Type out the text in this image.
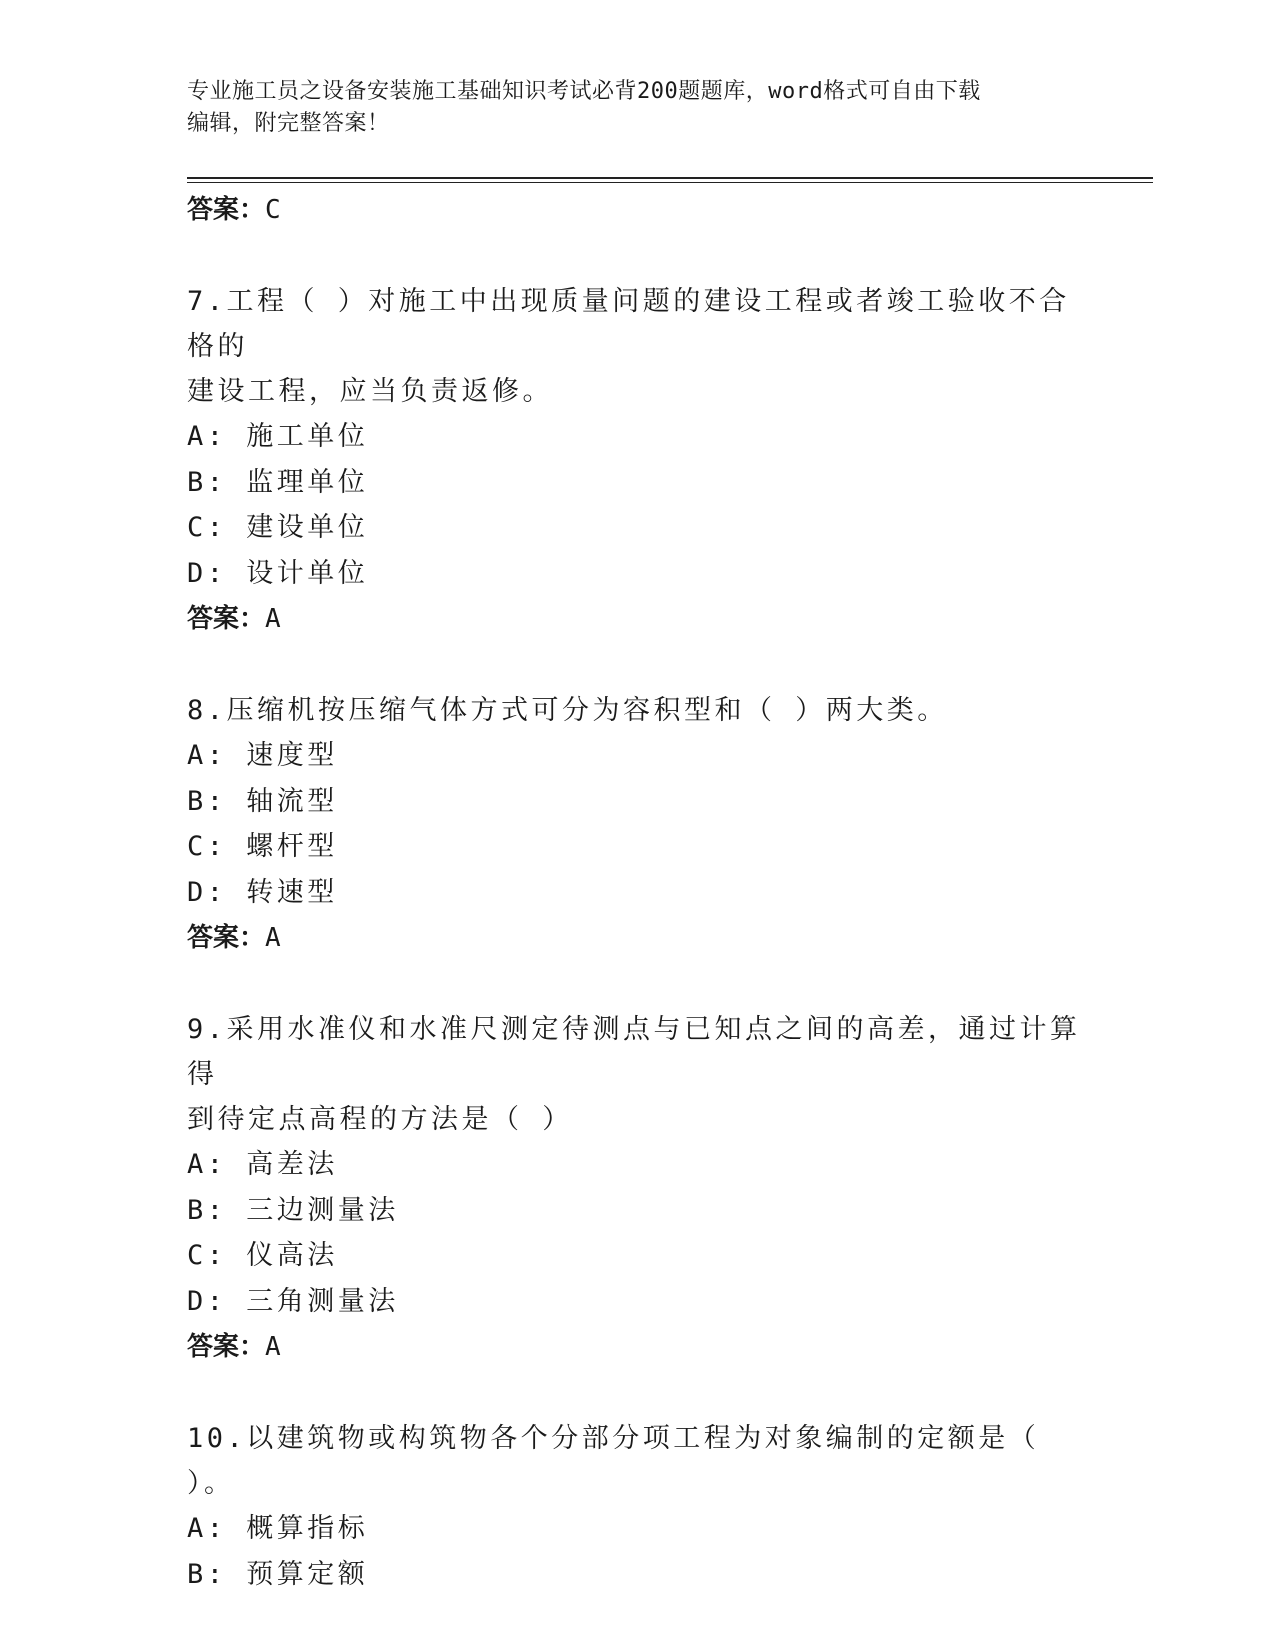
专业施工员之设备安装施工基础知识考试必背200题题库，word格式可自由下载
编辑，附完整答案！
答案：C
7.工程（ ）对施工中出现质量问题的建设工程或者竣工验收不合格的
建设工程，应当负责返修。
A: 施工单位
B: 监理单位
C: 建设单位
D: 设计单位
答案：A
8.压缩机按压缩气体方式可分为容积型和（ ）两大类。
A: 速度型
B: 轴流型
C: 螺杆型
D: 转速型
答案：A
9.采用水准仪和水准尺测定待测点与已知点之间的高差，通过计算得
到待定点高程的方法是（ ）
A: 高差法
B: 三边测量法
C: 仪高法
D: 三角测量法
答案：A
10.以建筑物或构筑物各个分部分项工程为对象编制的定额是（ ）。
A: 概算指标
B: 预算定额
